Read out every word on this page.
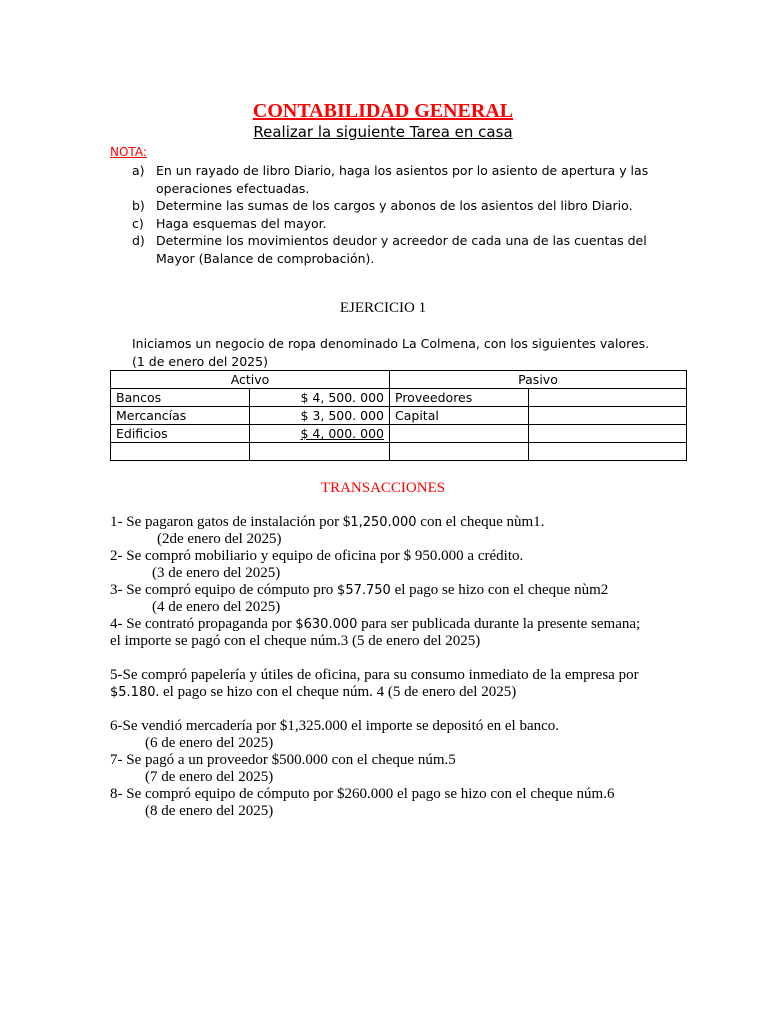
CONTABILIDAD GENERAL
Realizar la siguiente Tarea en casa
NOTA:
a) En un rayado de libro Diario, haga los asientos por lo asiento de apertura y las
operaciones efectuadas.
b) Determine las sumas de los cargos y abonos de los asientos del libro Diario.
c) Haga esquemas del mayor.
d) Determine los movimientos deudor y acreedor de cada una de las cuentas del
Mayor (Balance de comprobación).
EJERCICIO 1
Iniciamos un negocio de ropa denominado La Colmena, con los siguientes valores.
(1 de enero del 2025)
Activo		Pasivo	
Bancos	$ 4, 500. 000	Proveedores	
Mercancías	$ 3, 500. 000	Capital	
Edificios	$ 4, 000. 000		

TRANSACCIONES
1- Se pagaron gatos de instalación por $1,250.000 con el cheque nùm1.
(2de enero del 2025)
2- Se compró mobiliario y equipo de oficina por $ 950.000 a crédito.
(3 de enero del 2025)
3- Se compró equipo de cómputo pro $57.750 el pago se hizo con el cheque nùm2
(4 de enero del 2025)
4- Se contrató propaganda por $630.000 para ser publicada durante la presente semana;
el importe se pagó con el cheque núm.3 (5 de enero del 2025)
5-Se compró papelería y útiles de oficina, para su consumo inmediato de la empresa por
$5.180. el pago se hizo con el cheque núm. 4 (5 de enero del 2025)
6-Se vendió mercadería por $1,325.000 el importe se depositó en el banco.
(6 de enero del 2025)
7- Se pagó a un proveedor $500.000 con el cheque núm.5
(7 de enero del 2025)
8- Se compró equipo de cómputo por $260.000 el pago se hizo con el cheque núm.6
(8 de enero del 2025)
